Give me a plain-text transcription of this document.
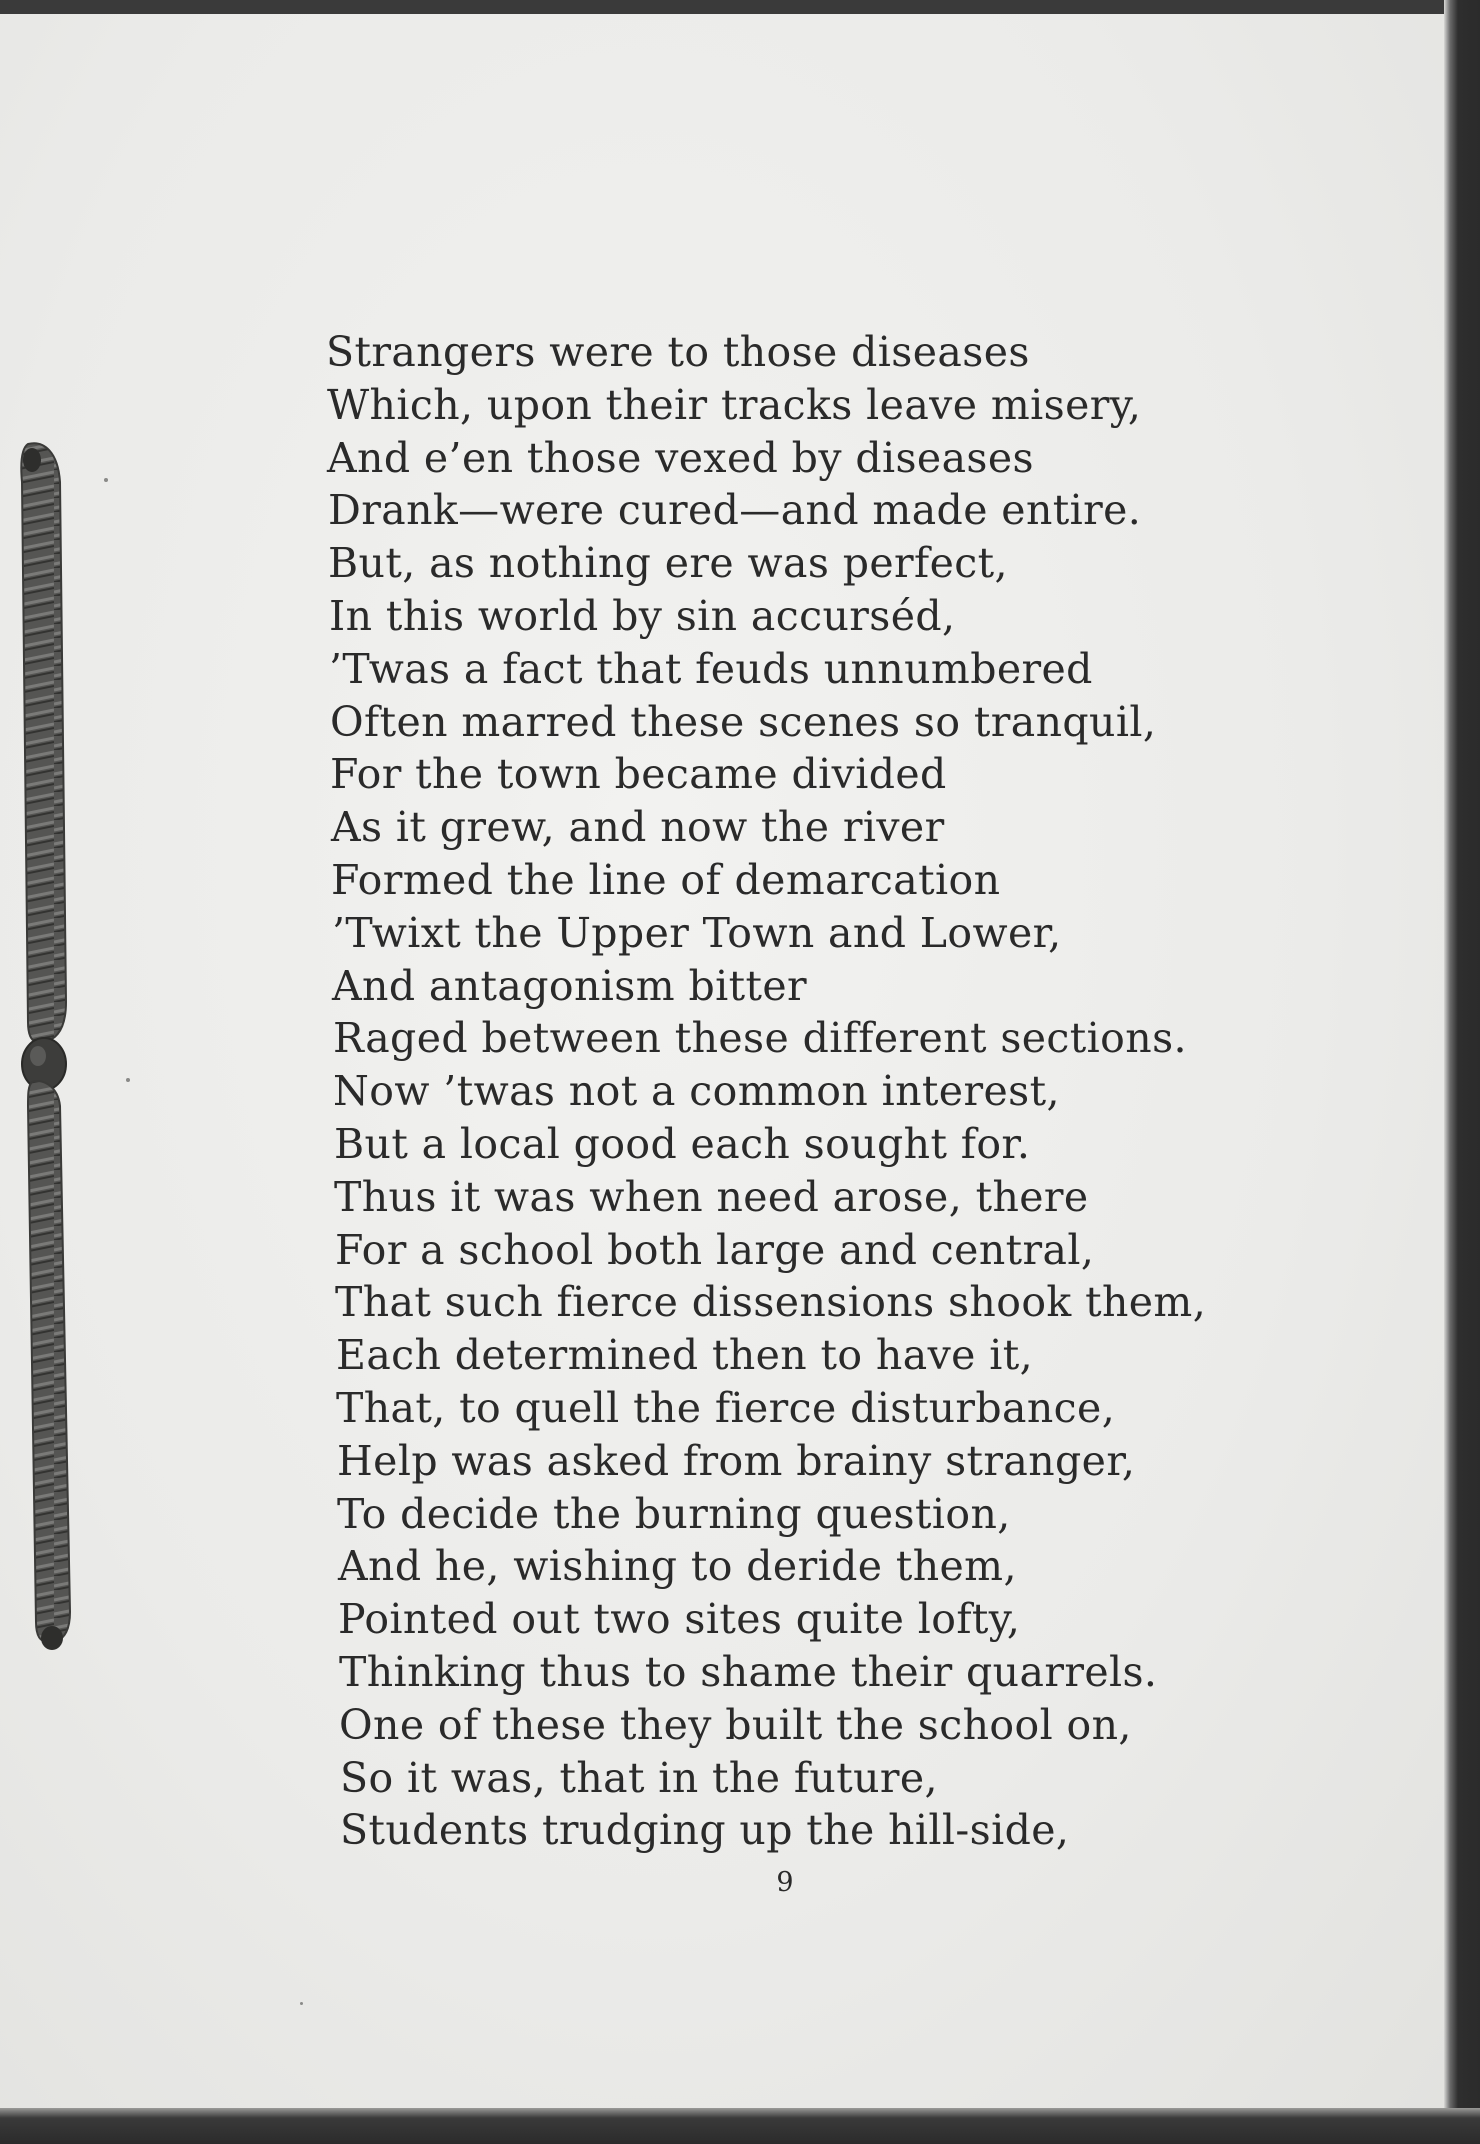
Strangers were to those diseases
Which, upon their tracks leave misery,
And e’en those vexed by diseases
Drank—were cured—and made entire.
But, as nothing ere was perfect,
In this world by sin accurséd,
’Twas a fact that feuds unnumbered
Often marred these scenes so tranquil,
For the town became divided
As it grew, and now the river
Formed the line of demarcation
’Twixt the Upper Town and Lower,
And antagonism bitter
Raged between these different sections.
Now ’twas not a common interest,
But a local good each sought for.
Thus it was when need arose, there
For a school both large and central,
That such fierce dissensions shook them,
Each determined then to have it,
That, to quell the fierce disturbance,
Help was asked from brainy stranger,
To decide the burning question,
And he, wishing to deride them,
Pointed out two sites quite lofty,
Thinking thus to shame their quarrels.
One of these they built the school on,
So it was, that in the future,
Students trudging up the hill-side,
9
